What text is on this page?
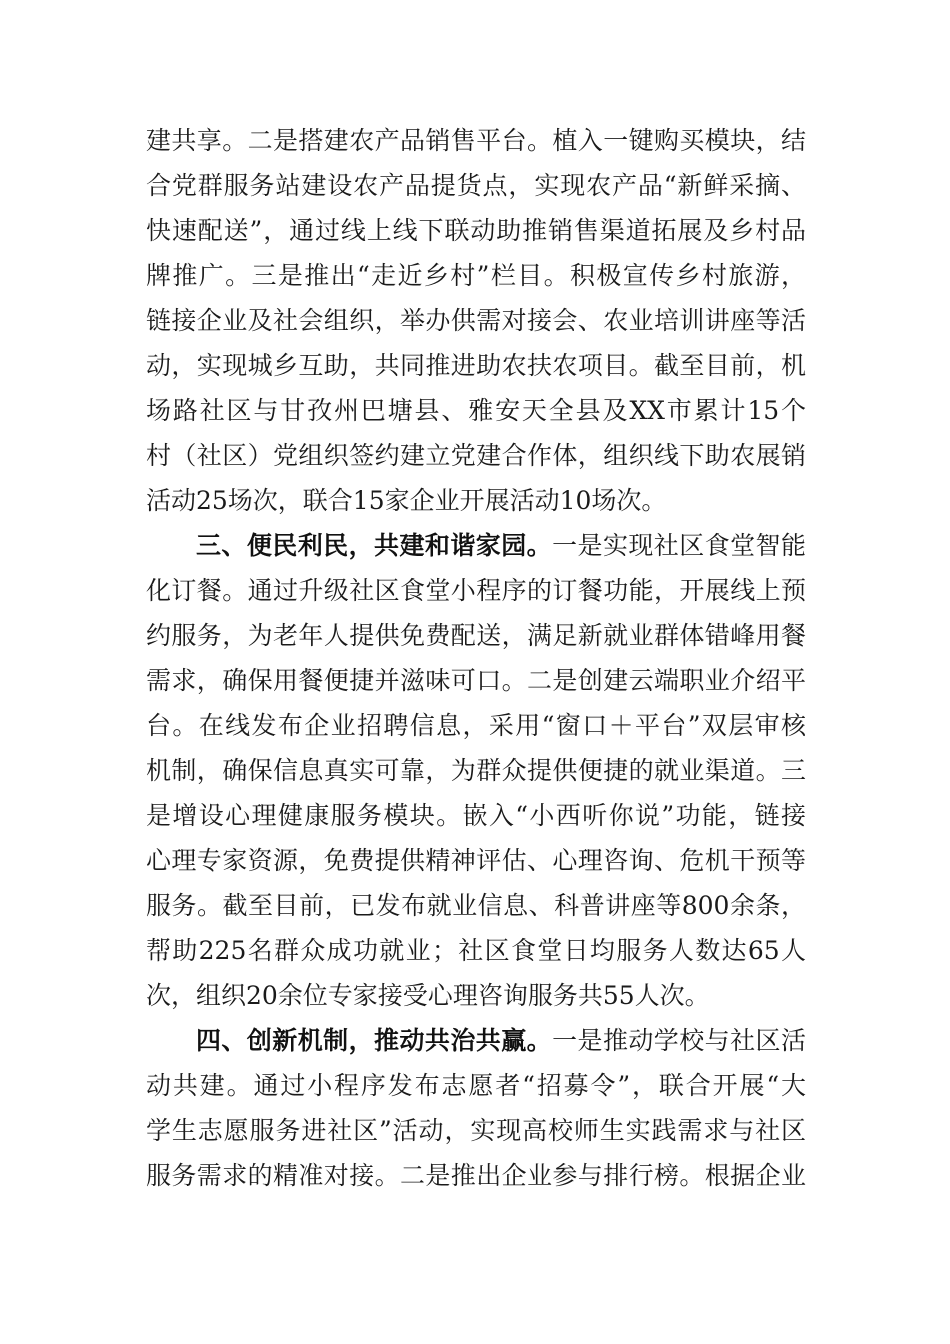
建共享。二是搭建农产品销售平台。植入一键购买模块，结
合党群服务站建设农产品提货点，实现农产品“新鲜采摘、
快速配送”，通过线上线下联动助推销售渠道拓展及乡村品
牌推广。三是推出“走近乡村”栏目。积极宣传乡村旅游，
链接企业及社会组织，举办供需对接会、农业培训讲座等活
动，实现城乡互助，共同推进助农扶农项目。截至目前，机
场路社区与甘孜州巴塘县、雅安天全县及XX市累计15个
村（社区）党组织签约建立党建合作体，组织线下助农展销
活动25场次，联合15家企业开展活动10场次。
三、便民利民，共建和谐家园。一是实现社区食堂智能
化订餐。通过升级社区食堂小程序的订餐功能，开展线上预
约服务，为老年人提供免费配送，满足新就业群体错峰用餐
需求，确保用餐便捷并滋味可口。二是创建云端职业介绍平
台。在线发布企业招聘信息，采用“窗口＋平台”双层审核
机制，确保信息真实可靠，为群众提供便捷的就业渠道。三
是增设心理健康服务模块。嵌入“小西听你说”功能，链接
心理专家资源，免费提供精神评估、心理咨询、危机干预等
服务。截至目前，已发布就业信息、科普讲座等800余条，
帮助225名群众成功就业；社区食堂日均服务人数达65人
次，组织20余位专家接受心理咨询服务共55人次。
四、创新机制，推动共治共赢。一是推动学校与社区活
动共建。通过小程序发布志愿者“招募令”，联合开展“大
学生志愿服务进社区”活动，实现高校师生实践需求与社区
服务需求的精准对接。二是推出企业参与排行榜。根据企业
